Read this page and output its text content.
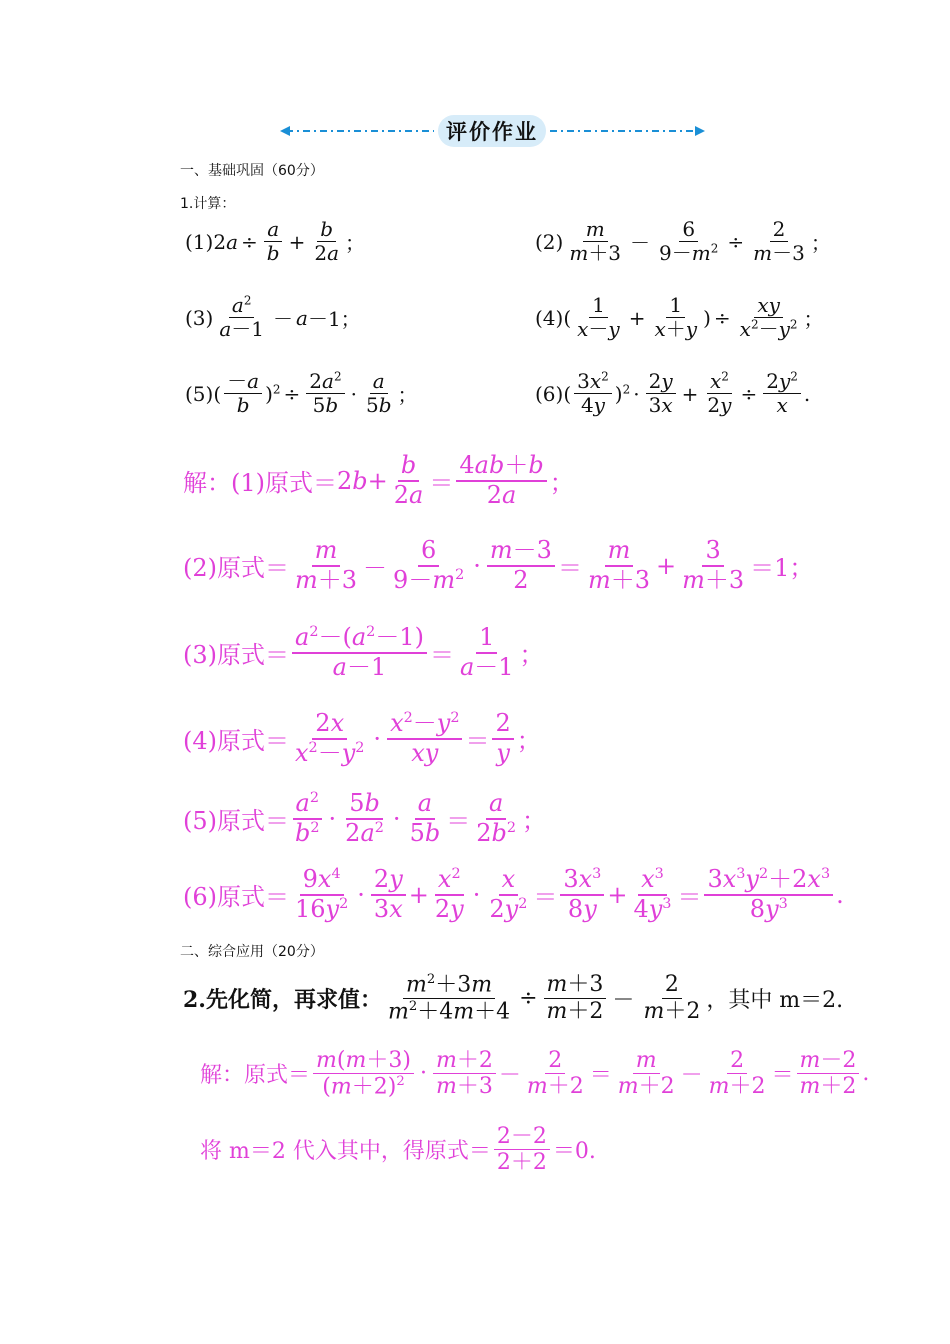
评价作业
一、基础巩固（60分）
1.计算：
$(1)2a \div \frac{a}{b} + \frac{b}{2a}$ ；	$(2) \frac{m}{m+3} - \frac{6}{9-m^2} \div \frac{2}{m-3}$ ；
$(3) \frac{a^2}{a-1} - a -1$；	$(4)( \frac{1}{x-y} + \frac{1}{x+y}$ ) ÷ $\frac{xy}{x^2-y^2}$ ；
$(5)( \frac{-a}{b} )^2 \div \frac{2a^2}{5b} \cdot \frac{a}{5b}$ ；	$(6)( \frac{3x^2}{4y} )^2 \cdot \frac{2y}{3x} + \frac{x^2}{2y} \div \frac{2y^2}{x}$ .
解：(1)原式＝ $2b+ \frac{b}{2a} = \frac{4ab+b}{2a}$ ；
(2)原式＝ $\frac{m}{m+3} - \frac{6}{9-m^2} \cdot \frac{m-3}{2} = \frac{m}{m+3} + \frac{3}{m+3} =1$；
(3)原式＝ $\frac{a^2-(a^2-1)}{a-1} = \frac{1}{a-1}$ ；
(4)原式＝ $\frac{2x}{x^2-y^2} \cdot \frac{x^2-y^2}{xy} = \frac{2}{y}$ ；
(5)原式＝ $\frac{a^2}{b^2} \cdot \frac{5b}{2a^2} \cdot \frac{a}{5b} = \frac{a}{2b^2}$ ；
(6)原式＝ $\frac{9x^4}{16y^2} \cdot \frac{2y}{3x} + \frac{x^2}{2y} \cdot \frac{x}{2y^2} = \frac{3x^3}{8y} + \frac{x^3}{4y^3} = \frac{3x^3y^2+2x^3}{8y^3}$ .
二、综合应用（20分）
2.先化简，再求值： $\frac{m^2+3m}{m^2+4m+4} \div \frac{m+3}{m+2} - \frac{2}{m+2}$ ，其中 m＝2.
解：原式＝ $\frac{m(m+3)}{(m+2)^2} \cdot \frac{m+2}{m+3} - \frac{2}{m+2} = \frac{m}{m+2} - \frac{2}{m+2} = \frac{m-2}{m+2}$ .
将 m＝2 代入其中，得原式＝ $\frac{2-2}{2+2} =0$.
